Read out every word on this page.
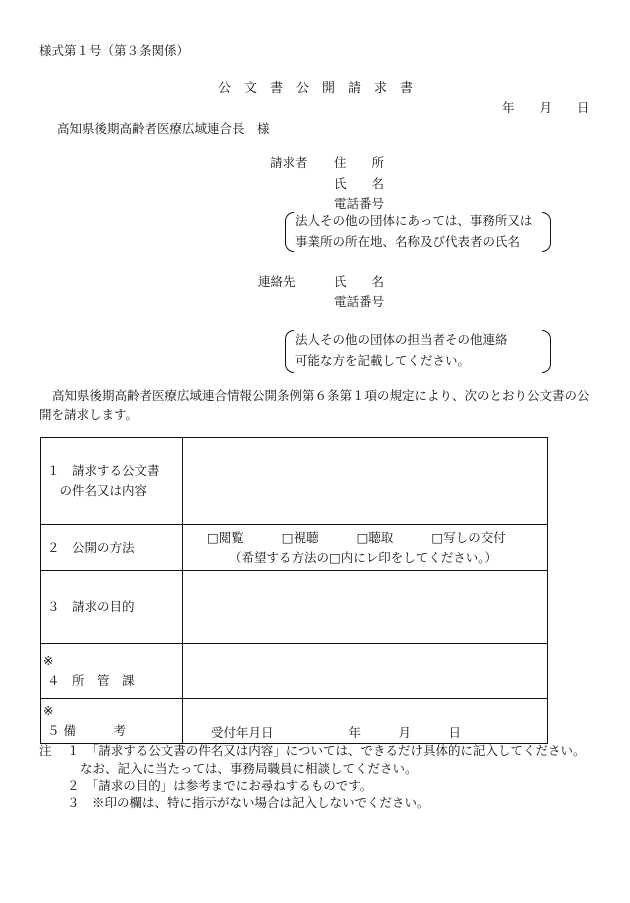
様式第１号（第３条関係）
公　文　書　公　開　請　求　書
年　　月　　日
高知県後期高齢者医療広域連合長　様
請求者 住　　所
氏　　名
電話番号
法人その他の団体にあっては、事務所又は
事業所の所在地、名称及び代表者の氏名
連絡先	氏　　名
電話番号
法人その他の団体の担当者その他連絡
可能な方を記載してください。
高知県後期高齢者医療広域連合情報公開条例第６条第１項の規定により、次のとおり公文書の公開を請求します。
１　請求する公文書
　の件名又は内容	

２　公開の方法	□閲覧 □視聴 □聴取 □写しの交付
（希望する方法の□内にレ印をしてください。）

３　請求の目的	

※
４　所　管　課	

※
５ 備　　　考	受付年月日　　　　　　年　　　月　　　日
注 １　「請求する公文書の件名又は内容」については、できるだけ具体的に記入してください。
なお、記入に当たっては、事務局職員に相談してください。
２　「請求の目的」は参考までにお尋ねするものです。
３　※印の欄は、特に指示がない場合は記入しないでください。
